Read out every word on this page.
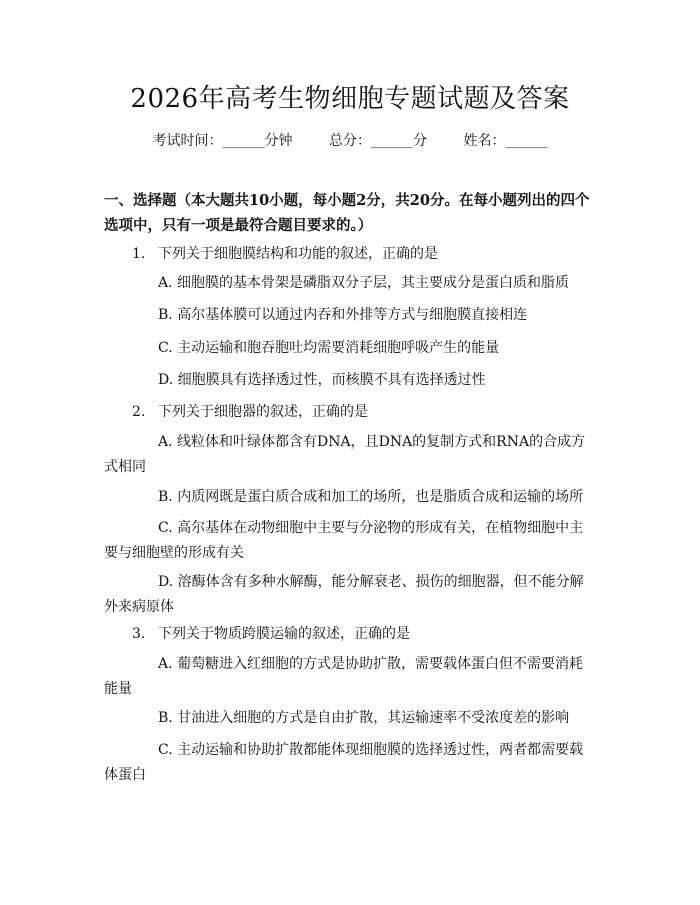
2026年高考生物细胞专题试题及答案
考试时间：______分钟	总分：______分	姓名：______
一、选择题（本大题共10小题，每小题2分，共20分。在每小题列出的四个选项中，只有一项是最符合题目要求的。）
1. 下列关于细胞膜结构和功能的叙述，正确的是
A. 细胞膜的基本骨架是磷脂双分子层，其主要成分是蛋白质和脂质
B. 高尔基体膜可以通过内吞和外排等方式与细胞膜直接相连
C. 主动运输和胞吞胞吐均需要消耗细胞呼吸产生的能量
D. 细胞膜具有选择透过性，而核膜不具有选择透过性
2. 下列关于细胞器的叙述，正确的是
A. 线粒体和叶绿体都含有DNA，且DNA的复制方式和RNA的合成方式相同
B. 内质网既是蛋白质合成和加工的场所，也是脂质合成和运输的场所
C. 高尔基体在动物细胞中主要与分泌物的形成有关，在植物细胞中主要与细胞壁的形成有关
D. 溶酶体含有多种水解酶，能分解衰老、损伤的细胞器，但不能分解外来病原体
3. 下列关于物质跨膜运输的叙述，正确的是
A. 葡萄糖进入红细胞的方式是协助扩散，需要载体蛋白但不需要消耗能量
B. 甘油进入细胞的方式是自由扩散，其运输速率不受浓度差的影响
C. 主动运输和协助扩散都能体现细胞膜的选择透过性，两者都需要载体蛋白
